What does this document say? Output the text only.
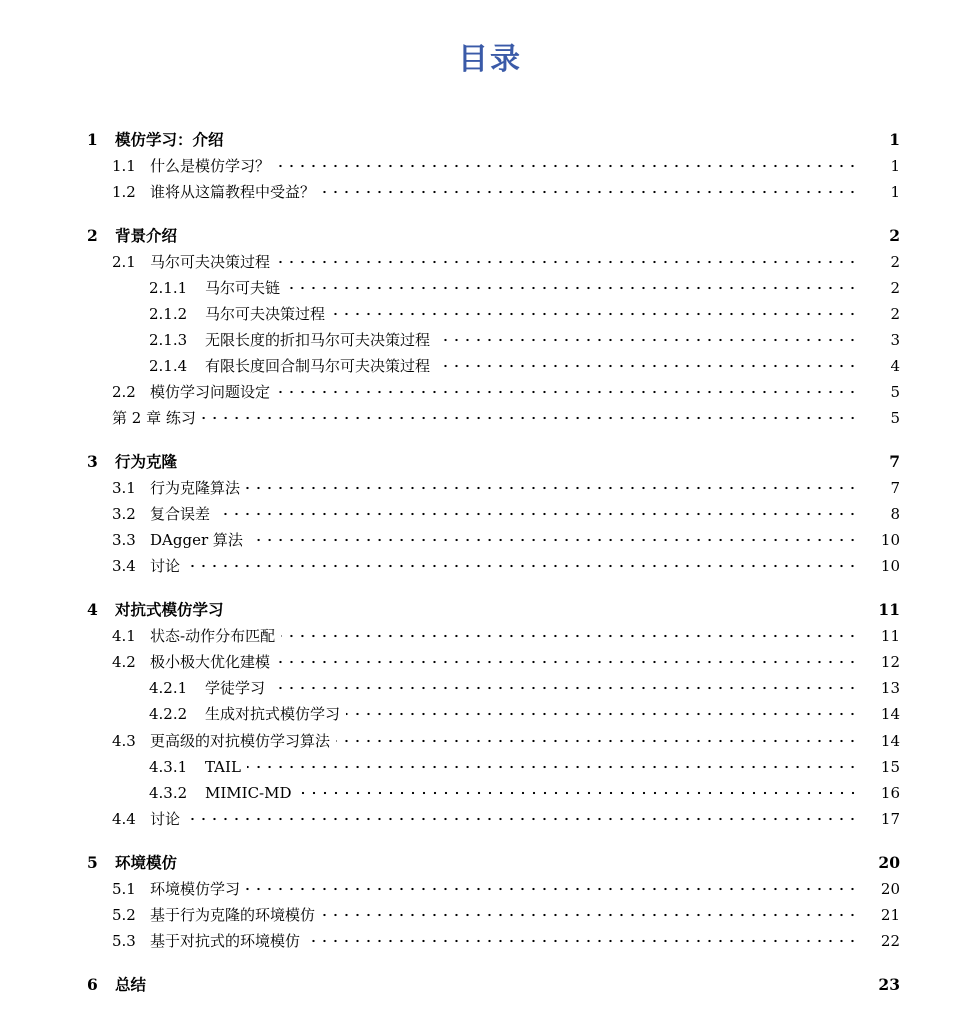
目录
1	模仿学习：介绍	1
1.1 什么是模仿学习？	1
1.2 谁将从这篇教程中受益？	1
2	背景介绍	2
2.1 马尔可夫决策过程	2
2.1.1	马尔可夫链	2
2.1.2	马尔可夫决策过程	2
2.1.3	无限长度的折扣马尔可夫决策过程	3
2.1.4	有限长度回合制马尔可夫决策过程	4
2.2 模仿学习问题设定	5
第 2 章 练习	5
3	行为克隆	7
3.1 行为克隆算法	7
3.2 复合误差	8
3.3 DAgger 算法	10
3.4 讨论	10
4	对抗式模仿学习	11
4.1 状态-动作分布匹配	11
4.2 极小极大优化建模	12
4.2.1	学徒学习	13
4.2.2	生成对抗式模仿学习	14
4.3 更高级的对抗模仿学习算法	14
4.3.1	TAIL	15
4.3.2	MIMIC-MD	16
4.4 讨论	17
5	环境模仿	20
5.1 环境模仿学习	20
5.2 基于行为克隆的环境模仿	21
5.3 基于对抗式的环境模仿	22
6	总结	23
